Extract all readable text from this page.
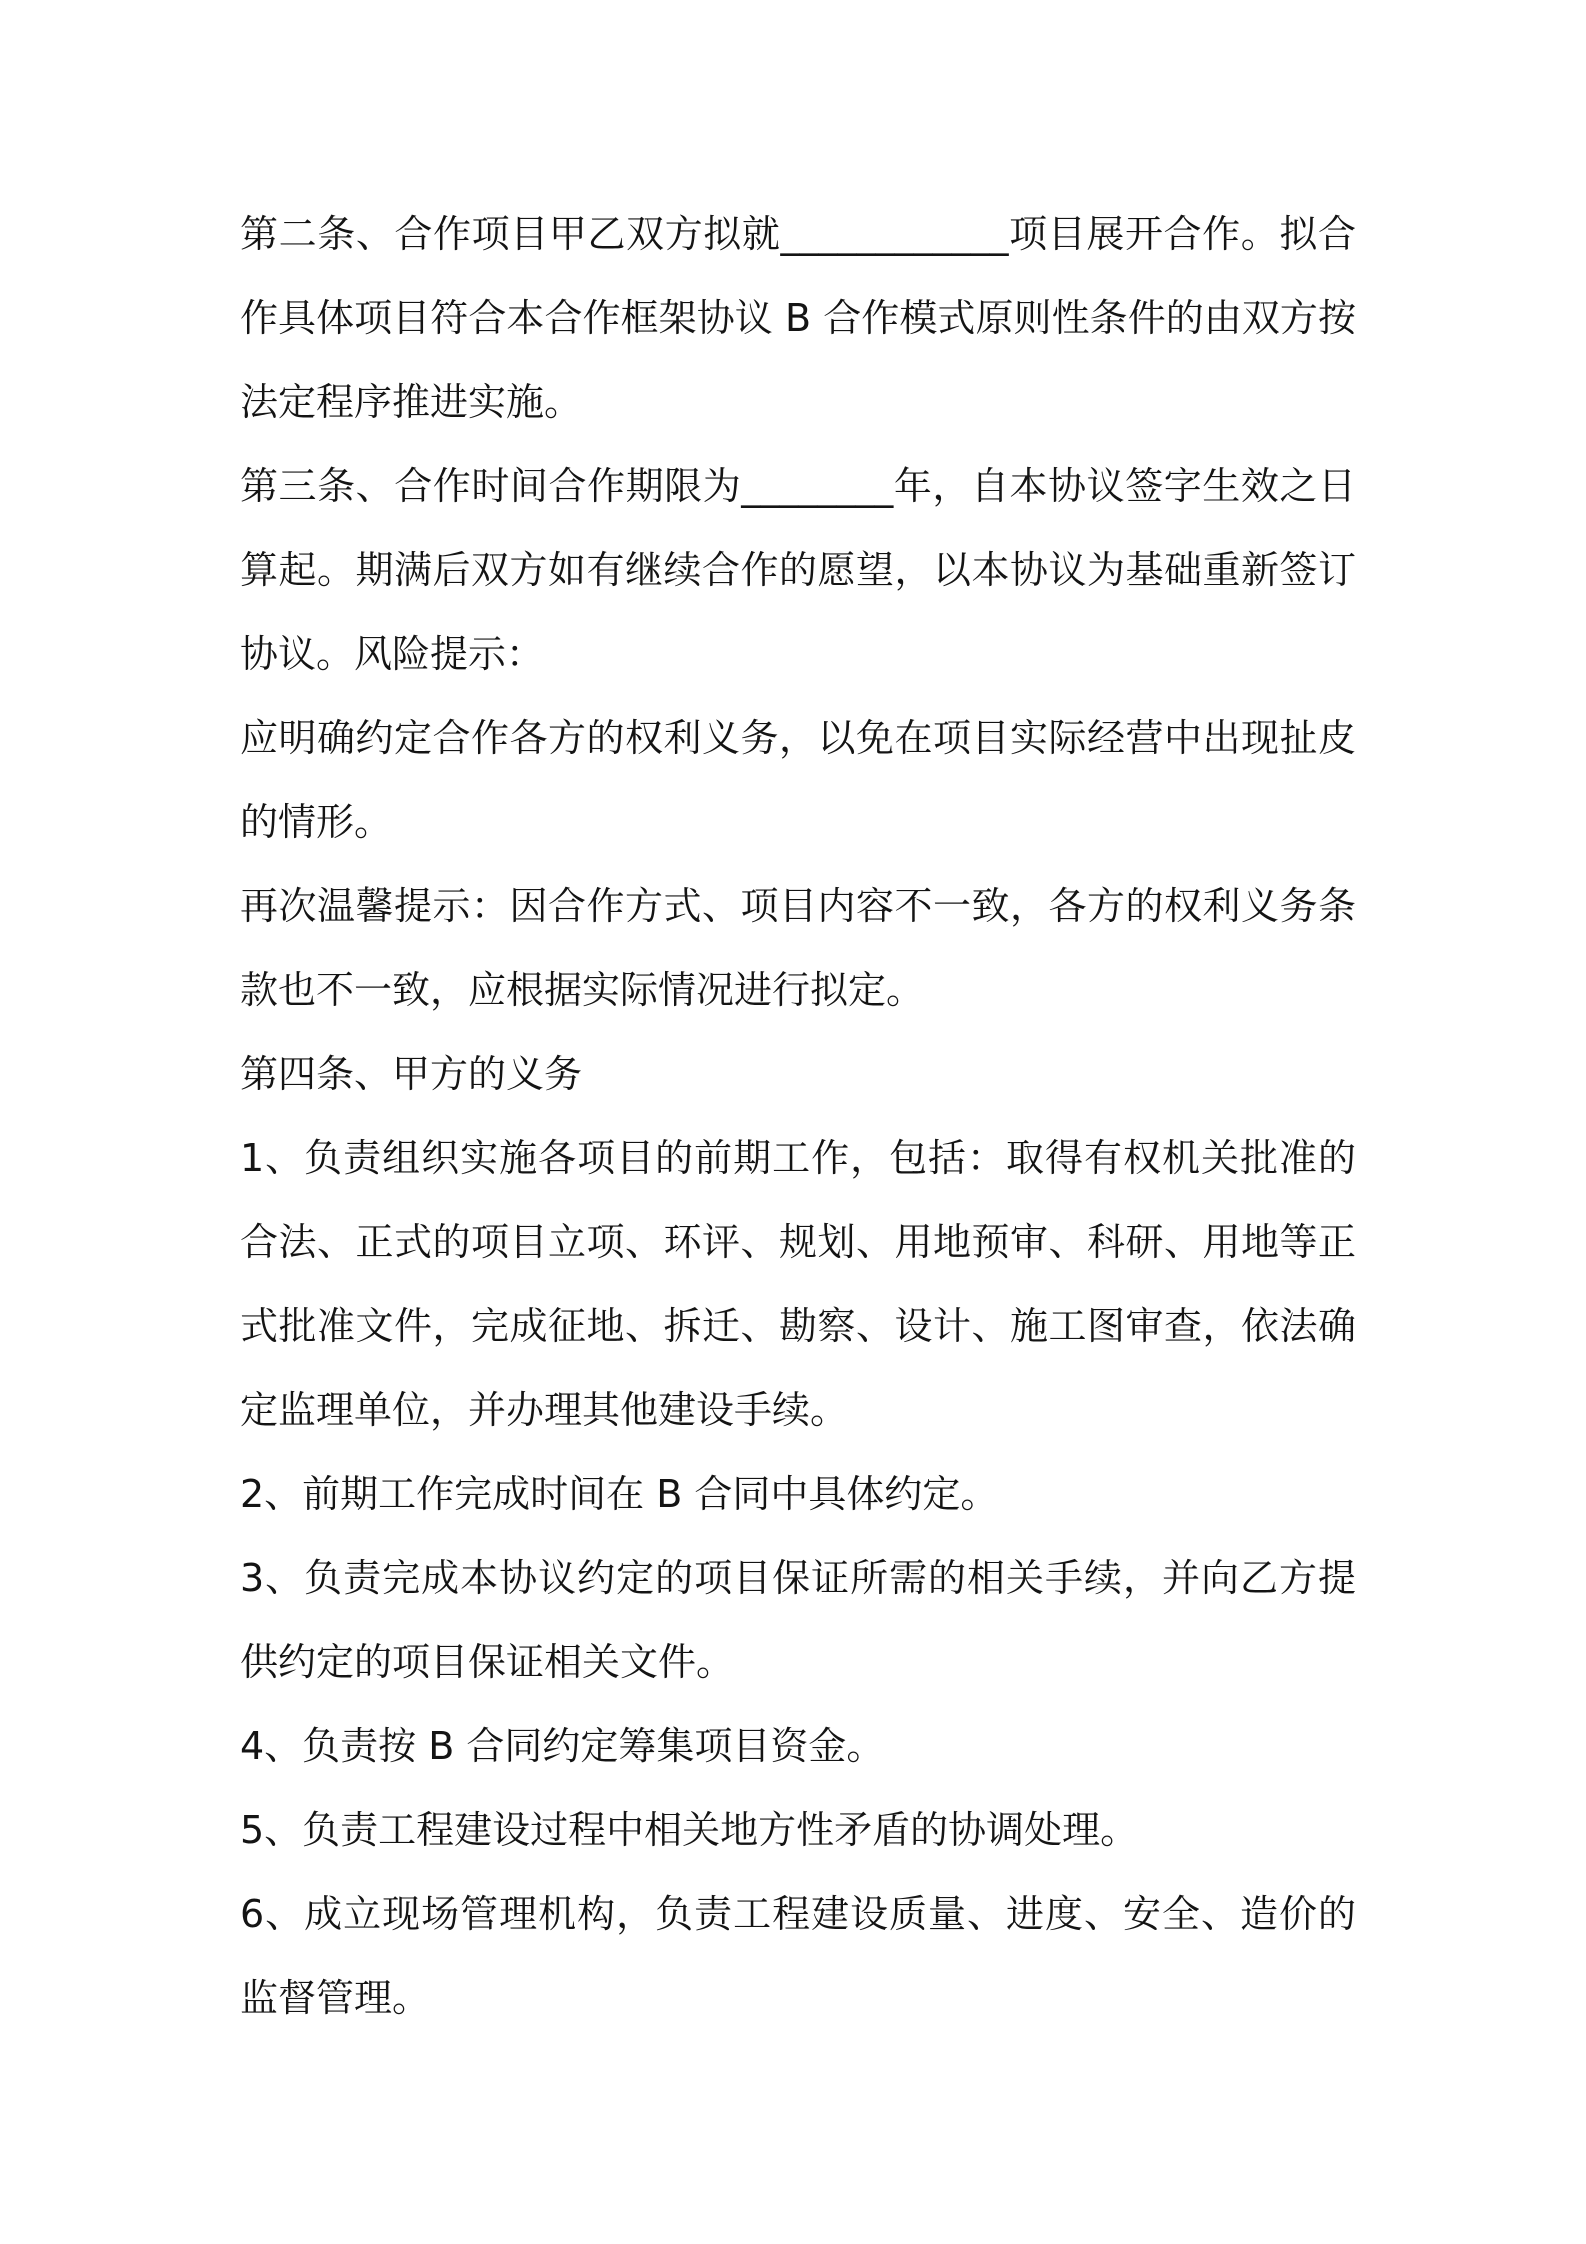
第二条、合作项目甲乙双方拟就____________项目展开合作。拟合作具体项目符合本合作框架协议 B 合作模式原则性条件的由双方按法定程序推进实施。

第三条、合作时间合作期限为________年，自本协议签字生效之日算起。期满后双方如有继续合作的愿望，以本协议为基础重新签订协议。风险提示：

应明确约定合作各方的权利义务，以免在项目实际经营中出现扯皮的情形。

再次温馨提示：因合作方式、项目内容不一致，各方的权利义务条款也不一致，应根据实际情况进行拟定。

第四条、甲方的义务

1、负责组织实施各项目的前期工作，包括：取得有权机关批准的合法、正式的项目立项、环评、规划、用地预审、科研、用地等正式批准文件，完成征地、拆迁、勘察、设计、施工图审查，依法确定监理单位，并办理其他建设手续。

2、前期工作完成时间在 B 合同中具体约定。

3、负责完成本协议约定的项目保证所需的相关手续，并向乙方提供约定的项目保证相关文件。

4、负责按 B 合同约定筹集项目资金。

5、负责工程建设过程中相关地方性矛盾的协调处理。

6、成立现场管理机构，负责工程建设质量、进度、安全、造价的监督管理。
